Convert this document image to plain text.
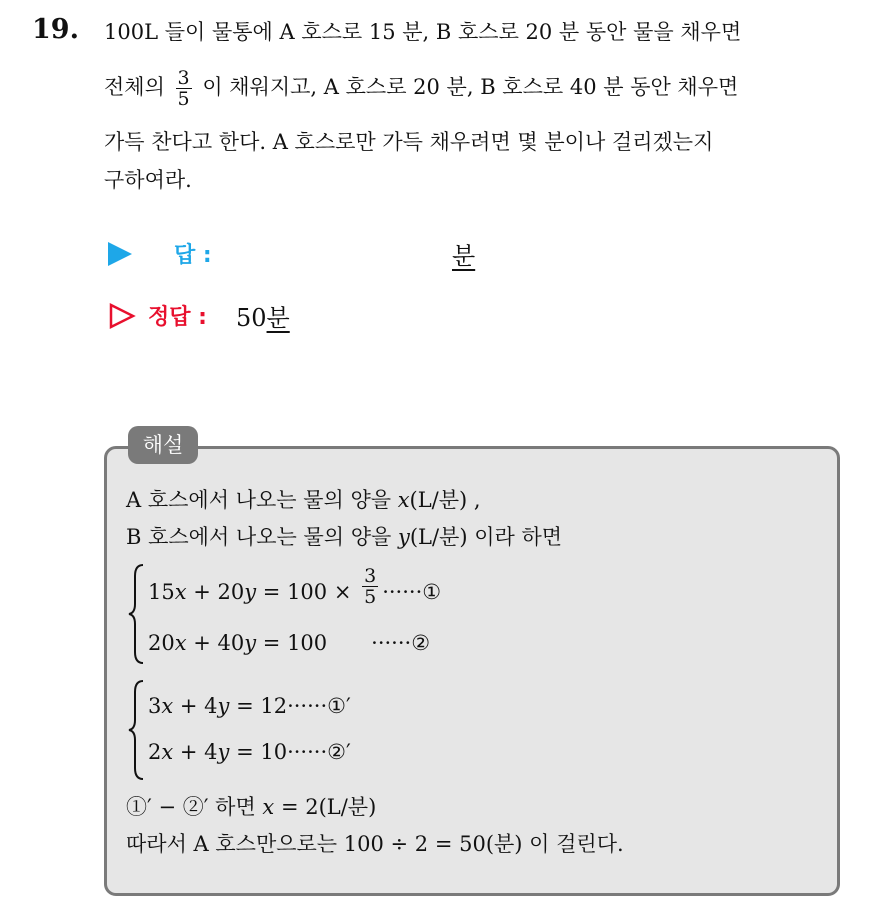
19. 100L 들이 물통에 A 호스로 15 분, B 호스로 20 분 동안 물을 채우면
전체의 $\frac{3}{5}$ 이 채워지고, A 호스로 20 분, B 호스로 40 분 동안 채우면
가득 찬다고 한다. A 호스로만 가득 채우려면 몇 분이나 걸리겠는지
구하여라.
답 :	분
정답 : 50분
해설
A 호스에서 나오는 물의 양을 x(L/분) ,
B 호스에서 나오는 물의 양을 y(L/분) 이라 하면
$15x + 20y = 100 \times \frac{3}{5}$ ······①
20x + 40y = 100 ······②
3x + 4y = 12······①′
2x + 4y = 10······②′
①′ − ②′ 하면 x = 2(L/분)
따라서 A 호스만으로는 100 ÷ 2 = 50(분) 이 걸린다.
